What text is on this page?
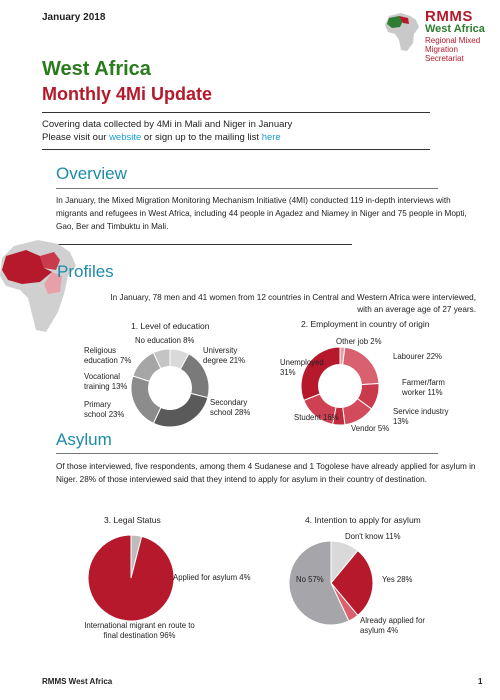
January 2018	RMMS
West Africa
Regional Mixed
Migration Secretariat
West Africa
Monthly 4Mi Update
Covering data collected by 4Mi in Mali and Niger in January
Please visit our website or sign up to the mailing list here
Overview
In January, the Mixed Migration Monitoring Mechanism Initiative (4MI) conducted 119 in-depth interviews with migrants and refugees in West Africa, including 44 people in Agadez and Niamey in Niger and 75 people in Mopti, Gao, Ber and Timbuktu in Mali.
Profiles
In January, 78 men and 41 women from 12 countries in Central and Western Africa were interviewed,
with an average age of 27 years.
1. Level of education	2. Employment in country of origin
No education 8%
University degree 21%
Secondary school 28%
Primary school 23%
Vocational training 13%
Religious education 7%
Other job 2%
Labourer 22%
Farmer/farm worker 11%
Service industry 13%
Vendor 5%
Student 16%
Unemployed 31%
Asylum
Of those interviewed, five respondents, among them 4 Sudanese and 1 Togolese have already applied for asylum in Niger. 28% of those interviewed said that they intend to apply for asylum in their country of destination.
3. Legal Status	4. Intention to apply for asylum
Applied for asylum 4%
International migrant en route to final destination 96%
Don't know 11%
Yes 28%
Already applied for asylum 4%
No 57%
RMMS West Africa	1
